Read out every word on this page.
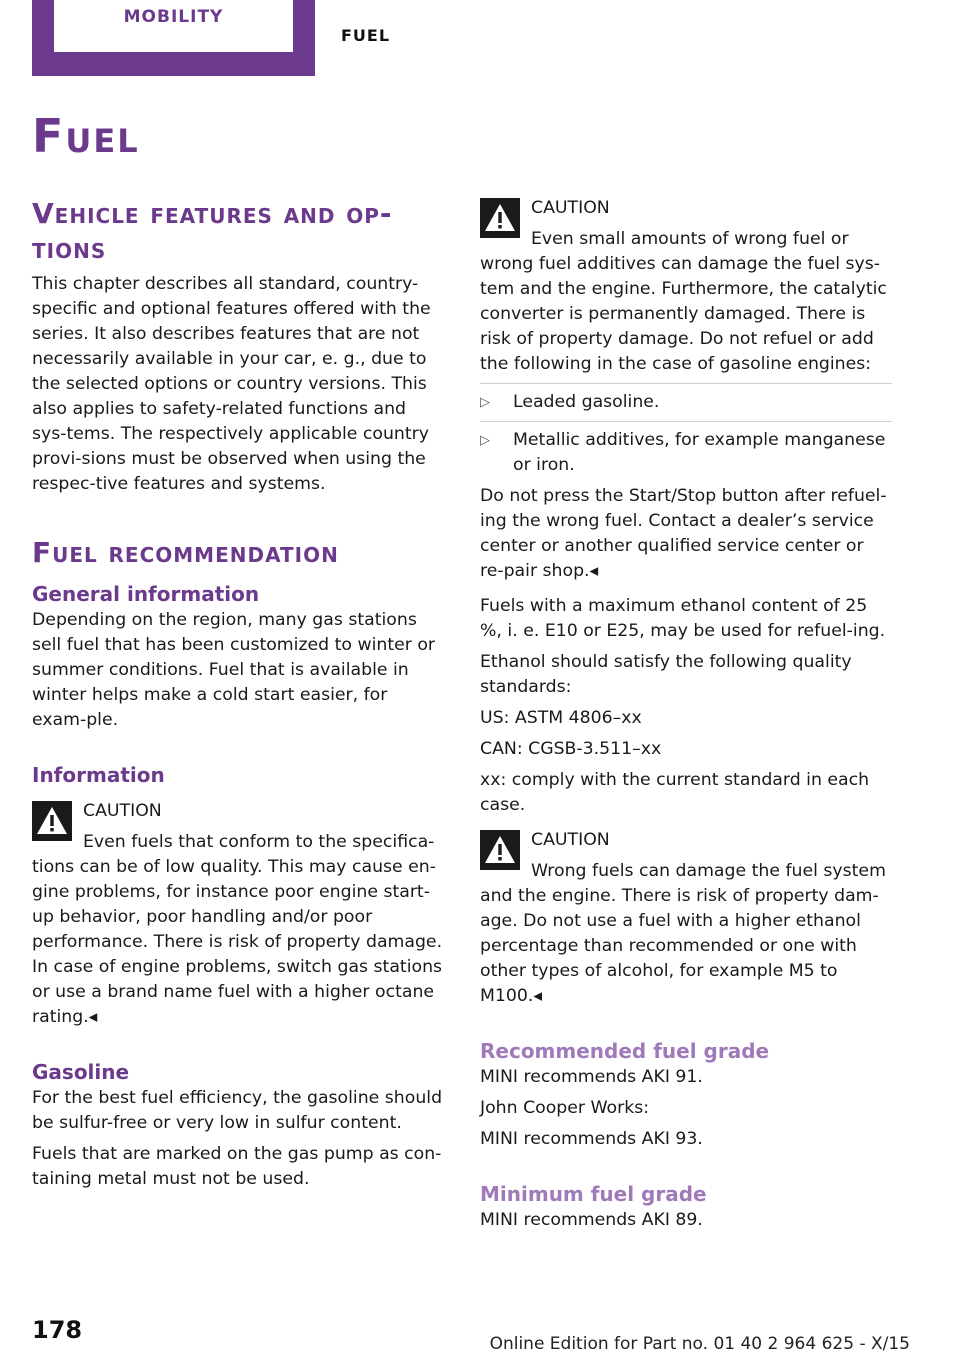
MOBILITY
FUEL
Fuel
Vehicle features and op-
tions

This chapter describes all standard, country-specific and optional features offered with the series. It also describes features that are not necessarily available in your car, e. g., due to the selected options or country versions. This also applies to safety-related functions and sys-tems. The respectively applicable country provi-sions must be observed when using the respec-tive features and systems.

Fuel recommendation
General information

Depending on the region, many gas stations sell fuel that has been customized to winter or summer conditions. Fuel that is available in winter helps make a cold start easier, for exam-ple.

Information
CAUTION

Even fuels that conform to the specifica-tions can be of low quality. This may cause en-gine problems, for instance poor engine start-up behavior, poor handling and/or poor performance. There is risk of property damage. In case of engine problems, switch gas stations or use a brand name fuel with a higher octane rating.◂

Gasoline

For the best fuel efficiency, the gasoline should be sulfur-free or very low in sulfur content.

Fuels that are marked on the gas pump as con-taining metal must not be used.

CAUTION

Even small amounts of wrong fuel or wrong fuel additives can damage the fuel sys-tem and the engine. Furthermore, the catalytic converter is permanently damaged. There is risk of property damage. Do not refuel or add the following in the case of gasoline engines:

▷ Leaded gasoline.
▷ Metallic additives, for example manganese or iron.

Do not press the Start/Stop button after refuel-ing the wrong fuel. Contact a dealer’s service center or another qualified service center or re-pair shop.◂

Fuels with a maximum ethanol content of 25 %, i. e. E10 or E25, may be used for refuel-ing.

Ethanol should satisfy the following quality standards:

US: ASTM 4806–xx

CAN: CGSB-3.511–xx

xx: comply with the current standard in each case.

CAUTION

Wrong fuels can damage the fuel system and the engine. There is risk of property dam-age. Do not use a fuel with a higher ethanol percentage than recommended or one with other types of alcohol, for example M5 to M100.◂

Recommended fuel grade

MINI recommends AKI 91.

John Cooper Works:

MINI recommends AKI 93.

Minimum fuel grade

MINI recommends AKI 89.

178	Online Edition for Part no. 01 40 2 964 625 - X/15
